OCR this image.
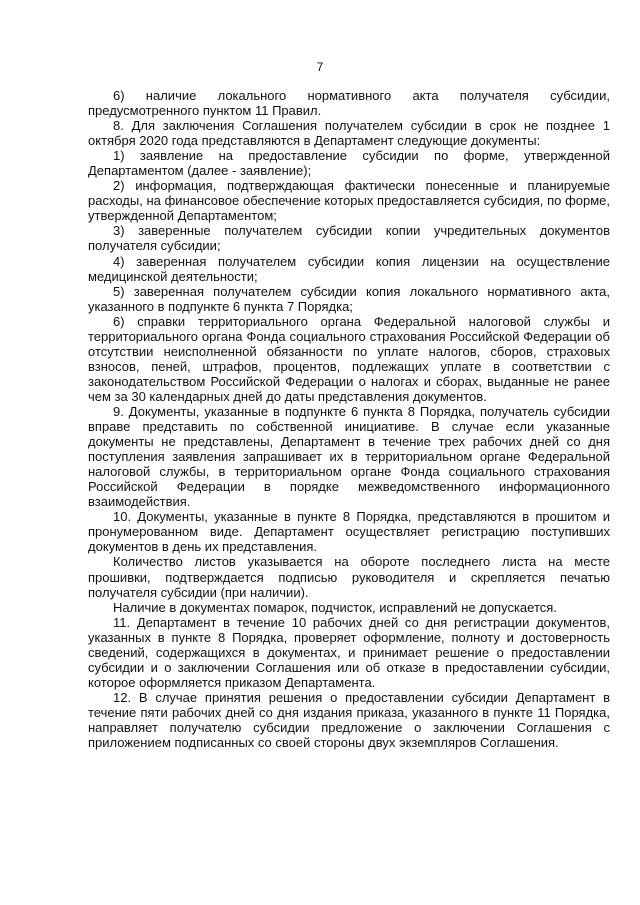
7

6) наличие локального нормативного акта получателя субсидии, предусмотренного пунктом 11 Правил.

8. Для заключения Соглашения получателем субсидии в срок не позднее 1 октября 2020 года представляются в Департамент следующие документы:

1) заявление на предоставление субсидии по форме, утвержденной Департаментом (далее - заявление);

2) информация, подтверждающая фактически понесенные и планируемые расходы, на финансовое обеспечение которых предоставляется субсидия, по форме, утвержденной Департаментом;

3) заверенные получателем субсидии копии учредительных документов получателя субсидии;

4) заверенная получателем субсидии копия лицензии на осуществление медицинской деятельности;

5) заверенная получателем субсидии копия локального нормативного акта, указанного в подпункте 6 пункта 7 Порядка;

6) справки территориального органа Федеральной налоговой службы и территориального органа Фонда социального страхования Российской Федерации об отсутствии неисполненной обязанности по уплате налогов, сборов, страховых взносов, пеней, штрафов, процентов, подлежащих уплате в соответствии с законодательством Российской Федерации о налогах и сборах, выданные не ранее чем за 30 календарных дней до даты представления документов.

9. Документы, указанные в подпункте 6 пункта 8 Порядка, получатель субсидии вправе представить по собственной инициативе. В случае если указанные документы не представлены, Департамент в течение трех рабочих дней со дня поступления заявления запрашивает их в территориальном органе Федеральной налоговой службы, в территориальном органе Фонда социального страхования Российской Федерации в порядке межведомственного информационного взаимодействия.

10. Документы, указанные в пункте 8 Порядка, представляются в прошитом и пронумерованном виде. Департамент осуществляет регистрацию поступивших документов в день их представления.

Количество листов указывается на обороте последнего листа на месте прошивки, подтверждается подписью руководителя и скрепляется печатью получателя субсидии (при наличии).

Наличие в документах помарок, подчисток, исправлений не допускается.

11. Департамент в течение 10 рабочих дней со дня регистрации документов, указанных в пункте 8 Порядка, проверяет оформление, полноту и достоверность сведений, содержащихся в документах, и принимает решение о предоставлении субсидии и о заключении Соглашения или об отказе в предоставлении субсидии, которое оформляется приказом Департамента.

12. В случае принятия решения о предоставлении субсидии Департамент в течение пяти рабочих дней со дня издания приказа, указанного в пункте 11 Порядка, направляет получателю субсидии предложение о заключении Соглашения с приложением подписанных со своей стороны двух экземпляров Соглашения.
